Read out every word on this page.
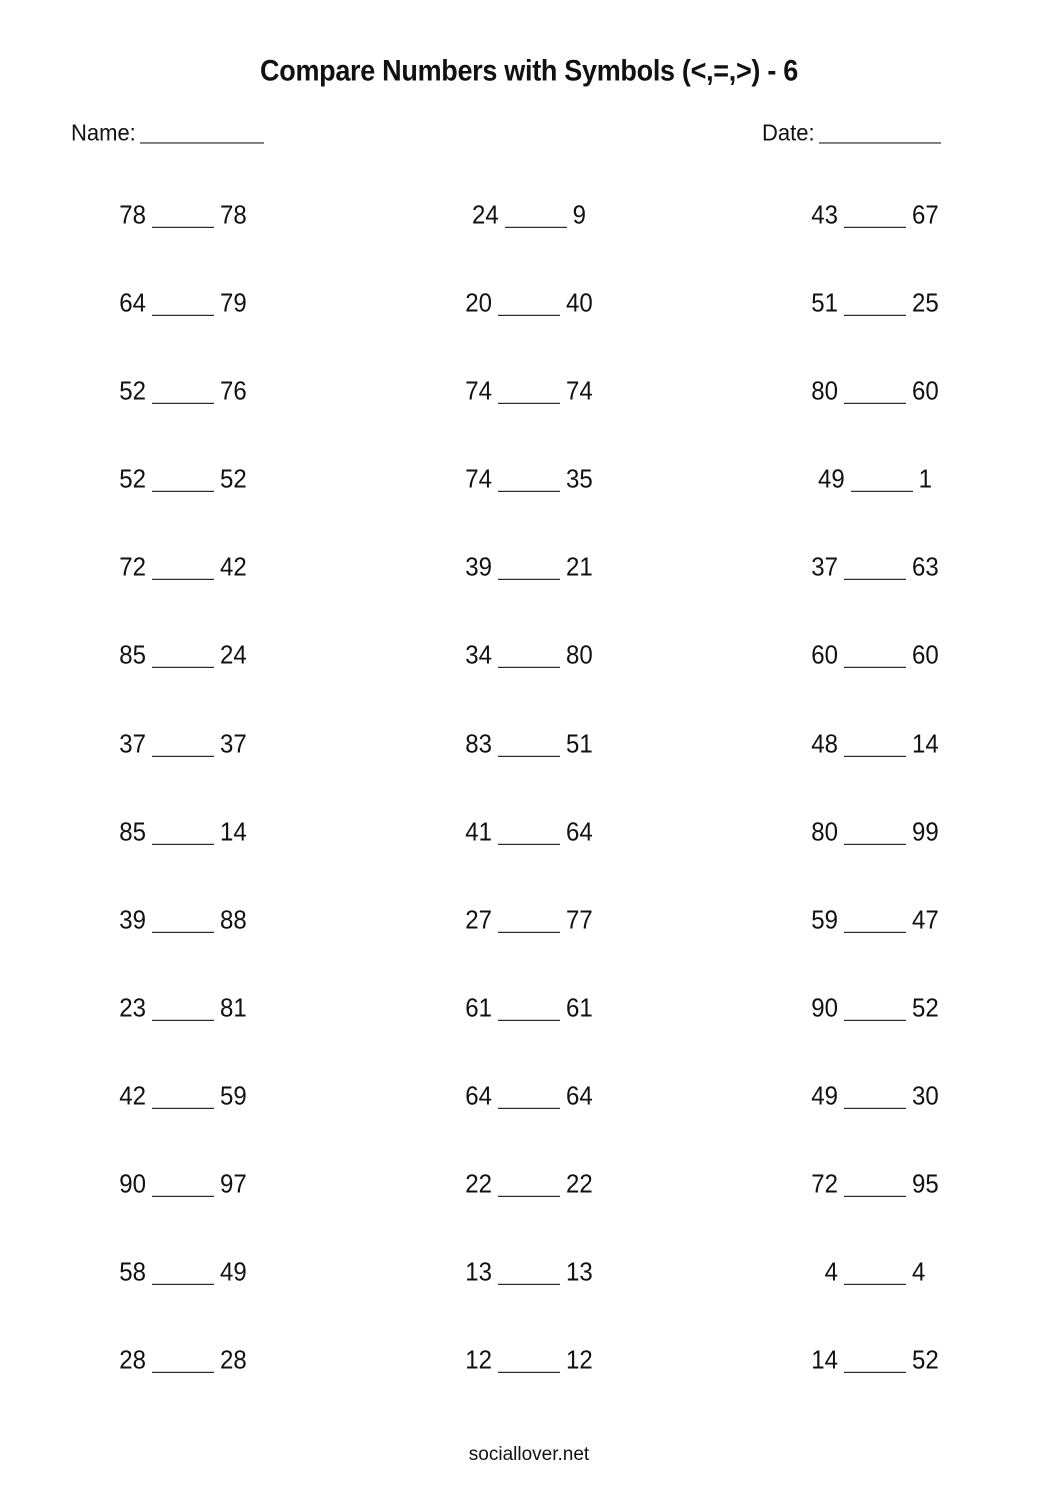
Compare Numbers with Symbols (<,=,>) - 6
Name:	Date:
78	78	24	9	43	67
64	79	20	40	51	25
52	76	74	74	80	60
52	52	74	35	49	1
72	42	39	21	37	63
85	24	34	80	60	60
37	37	83	51	48	14
85	14	41	64	80	99
39	88	27	77	59	47
23	81	61	61	90	52
42	59	64	64	49	30
90	97	22	22	72	95
58	49	13	13	4	4
28	28	12	12	14	52
sociallover.net
